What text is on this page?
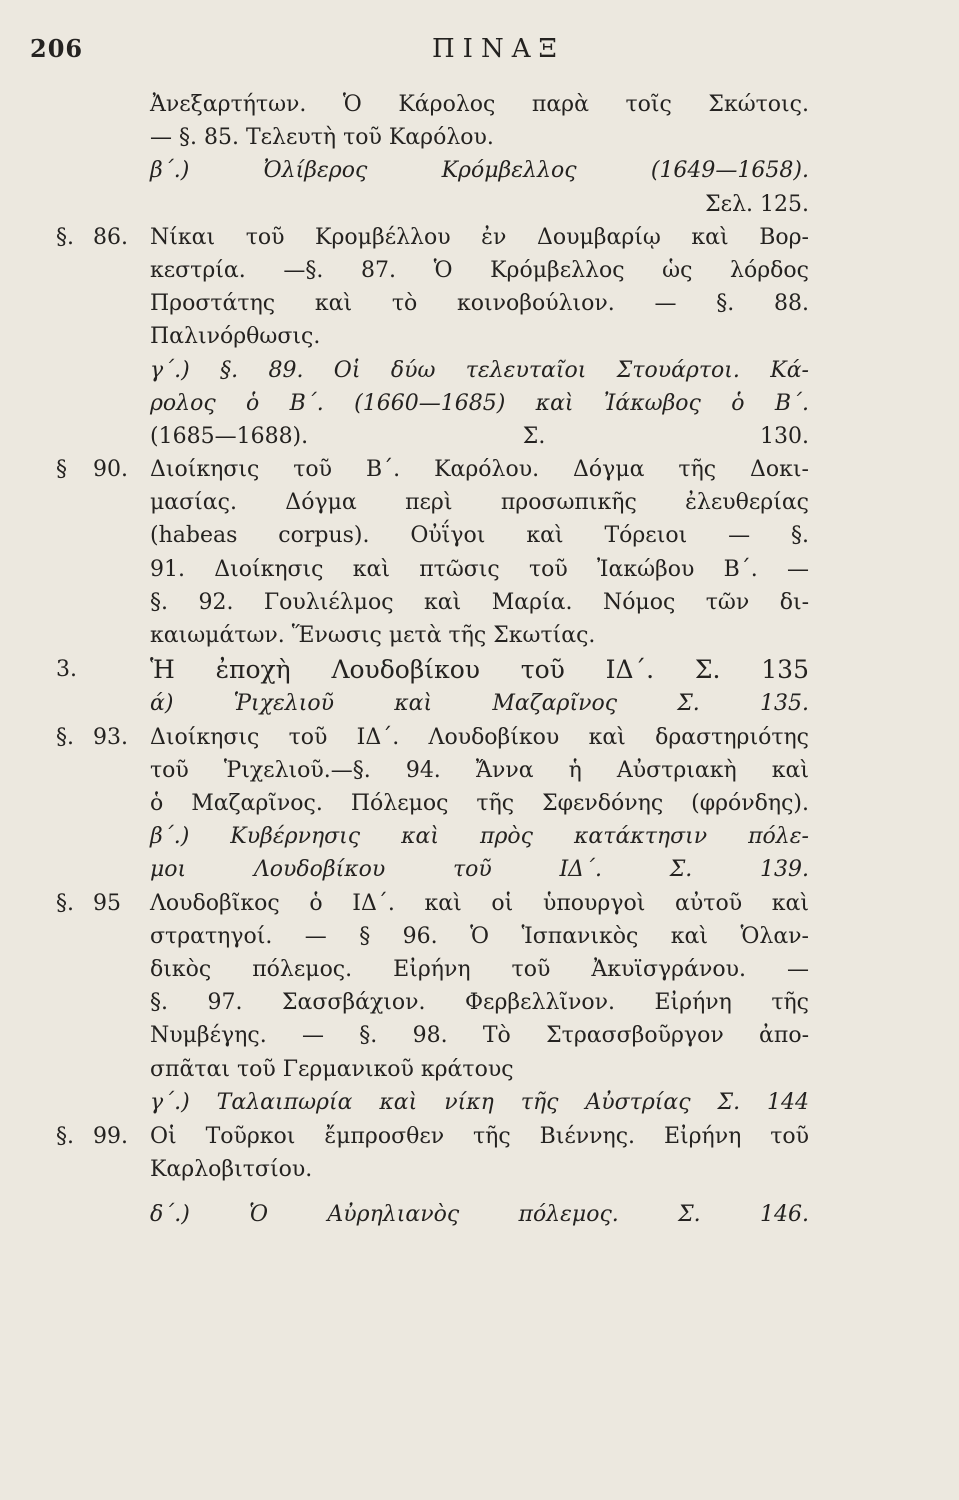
206	ΠΙΝΑΞ
Ἀνεξαρτήτων. Ὁ Κάρολος παρὰ τοῖς Σκώτοις.
— §. 85. Τελευτὴ τοῦ Καρόλου.
β΄.) Ὀλίβερος Κρόμβελλος (1649—1658).
Σελ. 125.
§. 86. Νίκαι τοῦ Κρομβέλλου ἐν Δουμβαρίῳ καὶ Βορ-
κεστρία. —§. 87. Ὁ Κρόμβελλος ὡς λόρδος
Προστάτης καὶ τὸ κοινοβούλιον. — §. 88.
Παλινόρθωσις.
γ΄.) §. 89. Οἱ δύω τελευταῖοι Στουάρτοι. Κά-
ρολος ὁ Β΄. (1660—1685) καὶ Ἰάκωβος ὁ Β΄.
(1685—1688). Σ. 130.
§ 90. Διοίκησις τοῦ Β΄. Καρόλου. Δόγμα τῆς Δοκι-
μασίας. Δόγμα περὶ προσωπικῆς ἐλευθερίας
(habeas corpus). Οὐΐγοι καὶ Τόρειοι — §.
91. Διοίκησις καὶ πτῶσις τοῦ Ἰακώβου Β΄. —
§. 92. Γουλιέλμος καὶ Μαρία. Νόμος τῶν δι-
καιωμάτων. Ἕνωσις μετὰ τῆς Σκωτίας.
3.	Ἡ ἐποχὴ Λουδοβίκου τοῦ ΙΔ΄. Σ. 135
ά) Ῥιχελιοῦ καὶ Μαζαρῖνος Σ. 135.
§. 93. Διοίκησις τοῦ ΙΔ΄. Λουδοβίκου καὶ δραστηριότης
τοῦ Ῥιχελιοῦ.—§. 94. Ἄννα ἡ Αὐστριακὴ καὶ
ὁ Μαζαρῖνος. Πόλεμος τῆς Σφενδόνης (φρόνδης).
β΄.) Κυβέρνησις καὶ πρὸς κατάκτησιν πόλε-
μοι Λουδοβίκου τοῦ ΙΔ΄. Σ. 139.
§. 95 Λουδοβῖκος ὁ ΙΔ΄. καὶ οἱ ὑπουργοὶ αὐτοῦ καὶ
στρατηγοί. — § 96. Ὁ Ἱσπανικὸς καὶ Ὁλαν-
δικὸς πόλεμος. Εἰρήνη τοῦ Ἀκυϊσγράνου. —
§. 97. Σασσβάχιον. Φερβελλῖνον. Εἰρήνη τῆς
Νυμβέγης. — §. 98. Τὸ Στρασσβοῦργον ἀπο-
σπᾶται τοῦ Γερμανικοῦ κράτους
γ΄.) Ταλαιπωρία καὶ νίκη τῆς Αὐστρίας Σ. 144
§. 99. Οἱ Τοῦρκοι ἔμπροσθεν τῆς Βιέννης. Εἰρήνη τοῦ
Καρλοβιτσίου.
δ΄.) Ὁ Αὐρηλιανὸς πόλεμος. Σ. 146.
